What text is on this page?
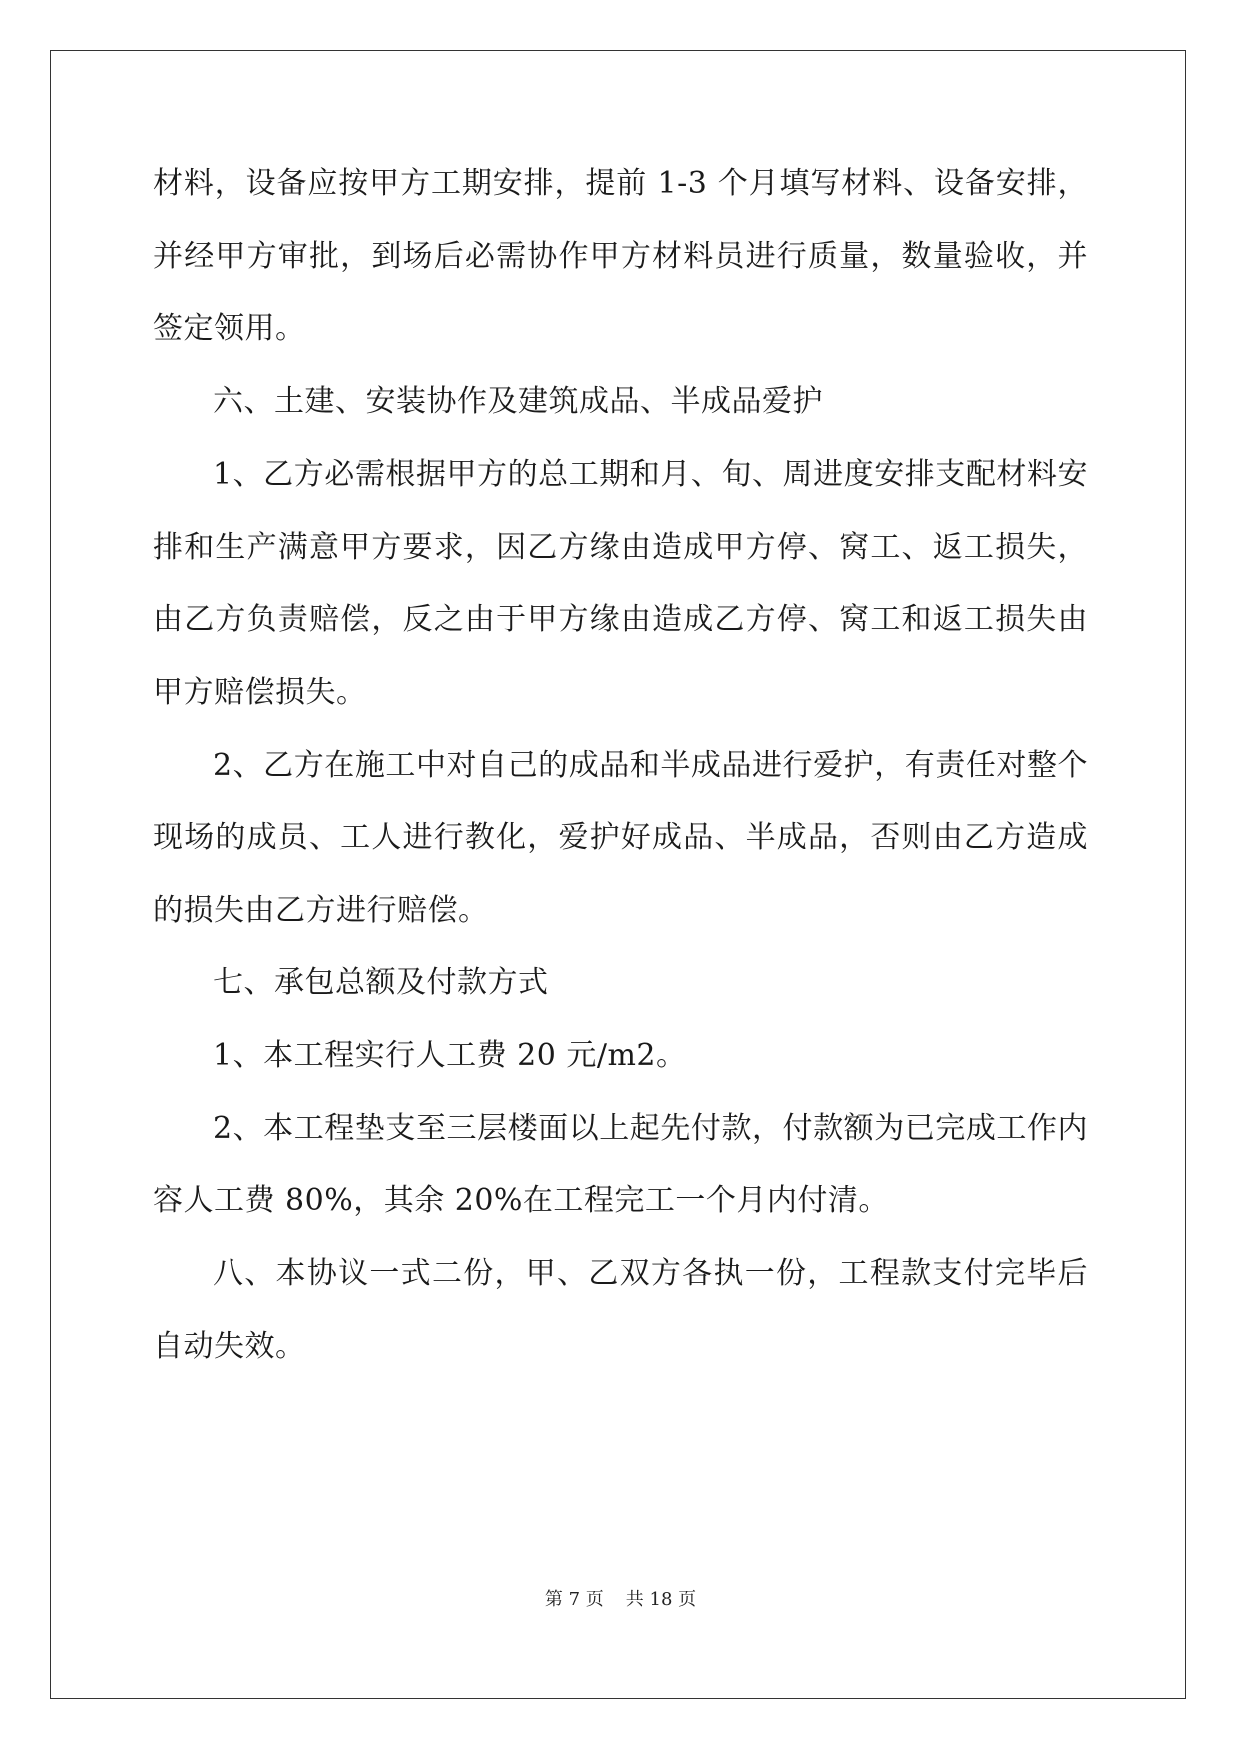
材料，设备应按甲方工期安排，提前 1-3 个月填写材料、设备安排，
并经甲方审批，到场后必需协作甲方材料员进行质量，数量验收，并
签定领用。
六、土建、安装协作及建筑成品、半成品爱护
1、乙方必需根据甲方的总工期和月、旬、周进度安排支配材料安
排和生产满意甲方要求，因乙方缘由造成甲方停、窝工、返工损失，
由乙方负责赔偿，反之由于甲方缘由造成乙方停、窝工和返工损失由
甲方赔偿损失。
2、乙方在施工中对自己的成品和半成品进行爱护，有责任对整个
现场的成员、工人进行教化，爱护好成品、半成品，否则由乙方造成
的损失由乙方进行赔偿。
七、承包总额及付款方式
1、本工程实行人工费 20 元/m2。
2、本工程垫支至三层楼面以上起先付款，付款额为已完成工作内
容人工费 80%，其余 20%在工程完工一个月内付清。
八、本协议一式二份，甲、乙双方各执一份，工程款支付完毕后
自动失效。
第 7 页 共 18 页
